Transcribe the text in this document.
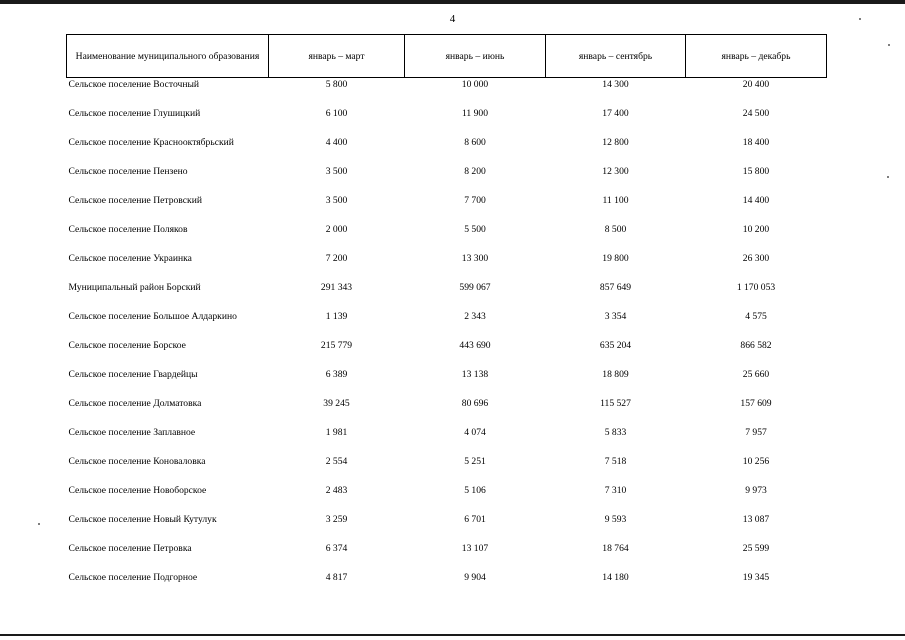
4
Наименование муниципального образования	январь – март	январь – июнь	январь – сентябрь	январь – декабрь
Сельское поселение Восточный	5 800	10 000	14 300	20 400
Сельское поселение Глушицкий	6 100	11 900	17 400	24 500
Сельское поселение Краснооктябрьский	4 400	8 600	12 800	18 400
Сельское поселение Пензено	3 500	8 200	12 300	15 800
Сельское поселение Петровский	3 500	7 700	11 100	14 400
Сельское поселение Поляков	2 000	5 500	8 500	10 200
Сельское поселение Украинка	7 200	13 300	19 800	26 300
Муниципальный район Борский	291 343	599 067	857 649	1 170 053
Сельское поселение Большое Алдаркино	1 139	2 343	3 354	4 575
Сельское поселение Борское	215 779	443 690	635 204	866 582
Сельское поселение Гвардейцы	6 389	13 138	18 809	25 660
Сельское поселение Долматовка	39 245	80 696	115 527	157 609
Сельское поселение Заплавное	1 981	4 074	5 833	7 957
Сельское поселение Коноваловка	2 554	5 251	7 518	10 256
Сельское поселение Новоборское	2 483	5 106	7 310	9 973
Сельское поселение Новый Кутулук	3 259	6 701	9 593	13 087
Сельское поселение Петровка	6 374	13 107	18 764	25 599
Сельское поселение Подгорное	4 817	9 904	14 180	19 345
